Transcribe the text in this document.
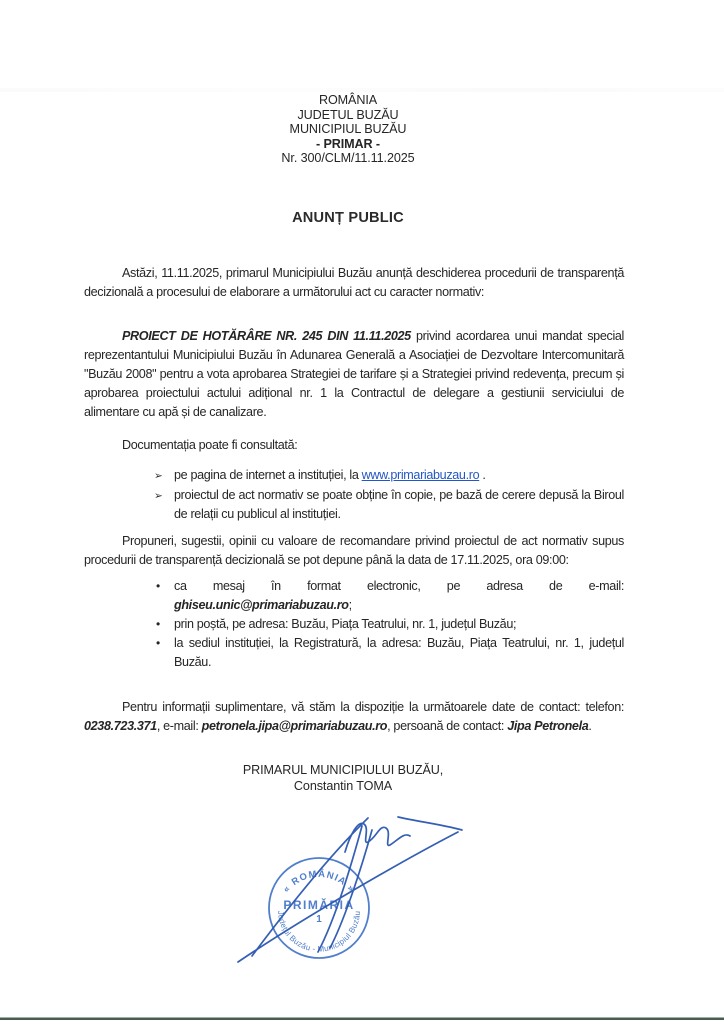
ROMÂNIA
JUDETUL BUZĂU
MUNICIPIUL BUZĂU
- PRIMAR -
Nr. 300/CLM/11.11.2025
ANUNȚ PUBLIC
Astăzi, 11.11.2025, primarul Municipiului Buzău anunță deschiderea procedurii de transparență decizională a procesului de elaborare a următorului act cu caracter normativ:
PROIECT DE HOTĂRÂRE NR. 245 DIN 11.11.2025 privind acordarea unui mandat special reprezentantului Municipiului Buzău în Adunarea Generală a Asociației de Dezvoltare Intercomunitară "Buzău 2008" pentru a vota aprobarea Strategiei de tarifare și a Strategiei privind redevența, precum și aprobarea proiectului actului adițional nr. 1 la Contractul de delegare a gestiunii serviciului de alimentare cu apă și de canalizare.
Documentația poate fi consultată:
➢ pe pagina de internet a instituției, la www.primariabuzau.ro .
➢ proiectul de act normativ se poate obține în copie, pe bază de cerere depusă la Biroul de relații cu publicul al instituției.
Propuneri, sugestii, opinii cu valoare de recomandare privind proiectul de act normativ supus procedurii de transparență decizională se pot depune până la data de 17.11.2025, ora 09:00:
•	ca mesaj în format electronic, pe adresa de e-mail:
ghiseu.unic@primariabuzau.ro;
•	prin poștă, pe adresa: Buzău, Piața Teatrului, nr. 1, județul Buzău;
•	la sediul instituției, la Registratură, la adresa: Buzău, Piața Teatrului, nr. 1, județul Buzău.
Pentru informații suplimentare, vă stăm la dispoziție la următoarele date de contact: telefon: 0238.723.371, e-mail: petronela.jipa@primariabuzau.ro, persoană de contact: Jipa Petronela.
PRIMARUL MUNICIPIULUI BUZĂU,
Constantin TOMA
« ROMÂNIA »
PRIMĂRIA
1
Județul Buzău - Municipiul Buzău
